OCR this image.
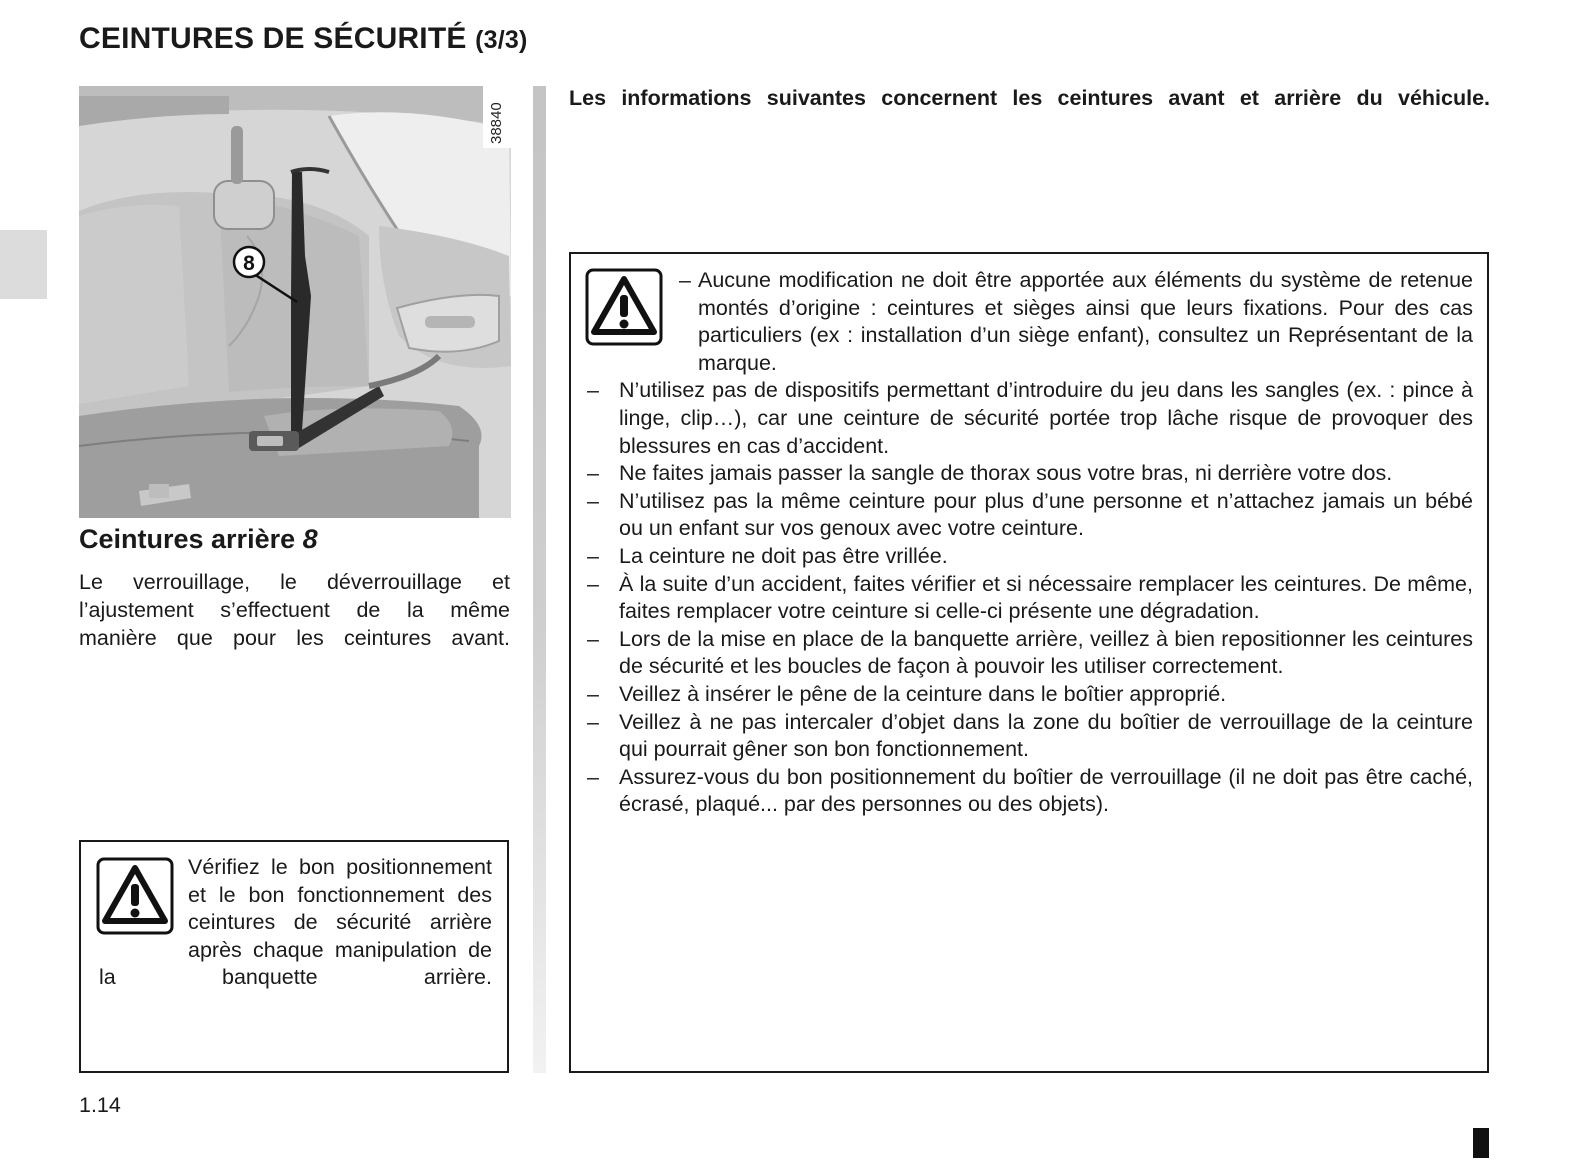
CEINTURES DE SÉCURITÉ (3/3)
38840
8
Ceintures arrière 8

Le verrouillage, le déverrouillage et l’ajustement s’effectuent de la même manière que pour les ceintures avant.

Vérifiez le bon positionnement et le bon fonctionnement des ceintures de sécurité arrière après chaque manipulation de la banquette arrière.

Les informations suivantes concernent les ceintures avant et arrière du véhicule.

– Aucune modification ne doit être apportée aux éléments du système de retenue montés d’origine : ceintures et sièges ainsi que leurs fixations. Pour des cas particuliers (ex : installation d’un siège enfant), consultez un Représentant de la marque.
– N’utilisez pas de dispositifs permettant d’introduire du jeu dans les sangles (ex. : pince à linge, clip…), car une ceinture de sécurité portée trop lâche risque de provoquer des blessures en cas d’accident.
– Ne faites jamais passer la sangle de thorax sous votre bras, ni derrière votre dos.
– N’utilisez pas la même ceinture pour plus d’une personne et n’attachez jamais un bébé ou un enfant sur vos genoux avec votre ceinture.
– La ceinture ne doit pas être vrillée.
– À la suite d’un accident, faites vérifier et si nécessaire remplacer les ceintures. De même, faites remplacer votre ceinture si celle-ci présente une dégradation.
– Lors de la mise en place de la banquette arrière, veillez à bien repositionner les ceintures de sécurité et les boucles de façon à pouvoir les utiliser correctement.
– Veillez à insérer le pêne de la ceinture dans le boîtier approprié.
– Veillez à ne pas intercaler d’objet dans la zone du boîtier de verrouillage de la ceinture qui pourrait gêner son bon fonctionnement.
– Assurez-vous du bon positionnement du boîtier de verrouillage (il ne doit pas être caché, écrasé, plaqué... par des personnes ou des objets).
1.14
